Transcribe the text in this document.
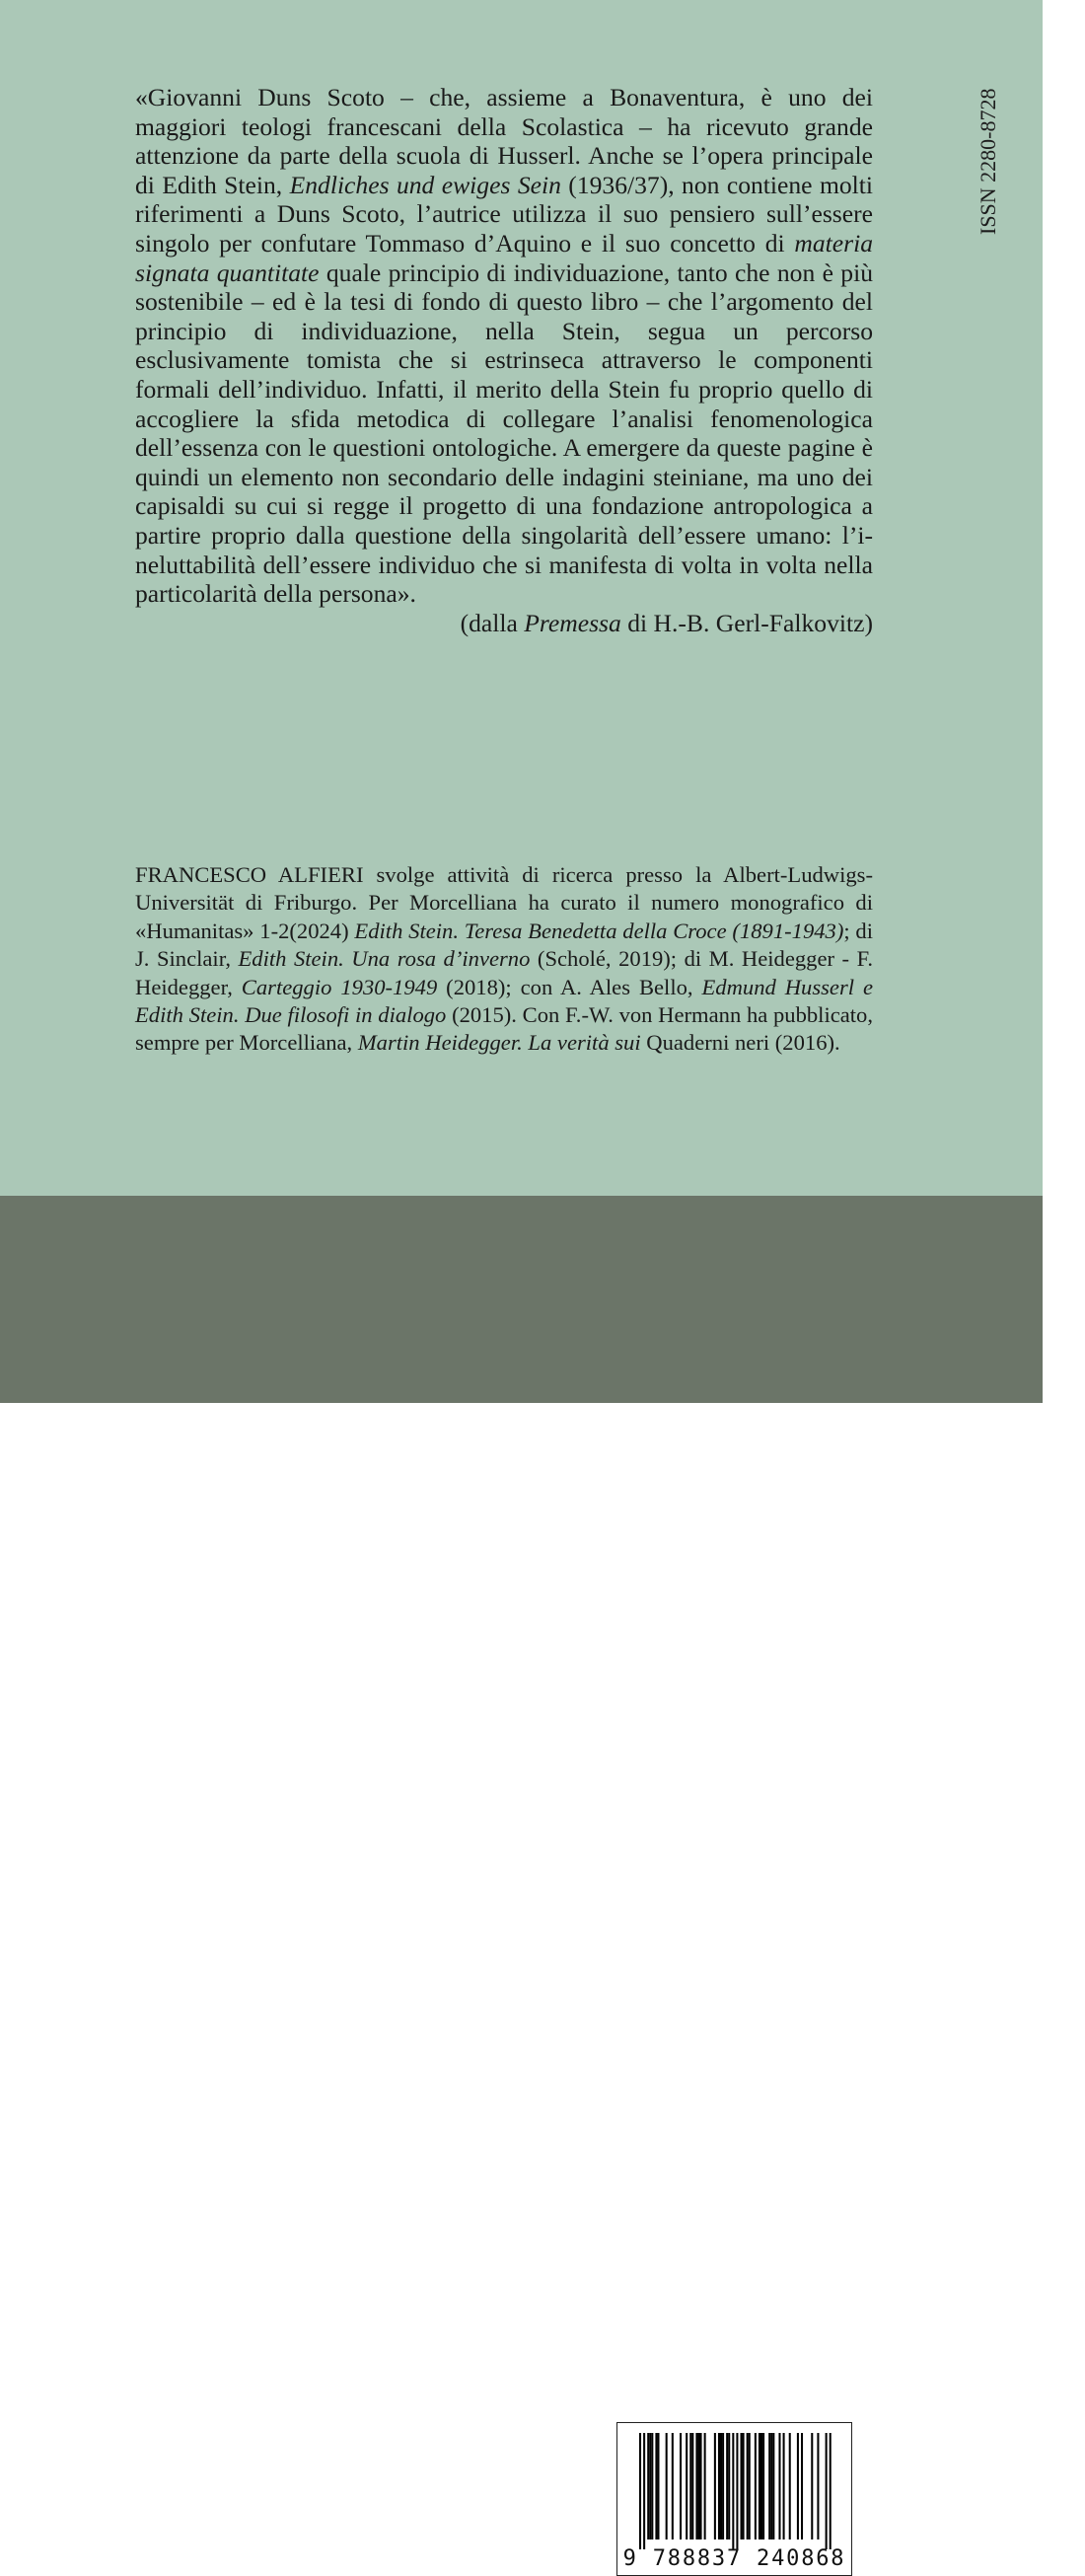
ISSN 2280-8728

«Giovanni Duns Scoto – che, assieme a Bonaventura, è uno dei maggiori teologi francescani della Scolastica – ha ricevuto grande attenzione da parte della scuola di Husserl. Anche se l’opera principale di Edith Stein, Endliches und ewiges Sein (1936/37), non contiene molti riferimenti a Duns Scoto, l’autrice utilizza il suo pensiero sull’essere singolo per confutare Tommaso d’Aquino e il suo concetto di materia signata quantitate quale principio di individuazione, tanto che non è più sostenibile – ed è la tesi di fondo di questo libro – che l’argomento del principio di individuazione, nella Stein, segua un percorso esclusivamente tomista che si estrinseca attraverso le componenti formali dell’individuo. Infatti, il merito della Stein fu proprio quello di accogliere la sfida metodica di collegare l’analisi fenomenologica dell’essenza con le questioni ontologiche. A emergere da queste pagine è quindi un elemento non secondario delle indagini steiniane, ma uno dei capisaldi su cui si regge il progetto di una fondazione antropologica a partire proprio dalla questione della singolarità dell’essere umano: l’ineluttabilità dell’essere individuo che si manifesta di volta in volta nella particolarità della persona».

(dalla Premessa di H.-B. Gerl-Falkovitz)

FRANCESCO ALFIERI svolge attività di ricerca presso la Albert-Ludwigs-Universität di Friburgo. Per Morcelliana ha curato il numero monografico di «Humanitas» 1-2(2024) Edith Stein. Teresa Benedetta della Croce (1891-1943); di J. Sinclair, Edith Stein. Una rosa d’inverno (Scholé, 2019); di M. Heidegger - F. Heidegger, Carteggio 1930-1949 (2018); con A. Ales Bello, Edmund Husserl e Edith Stein. Due filosofi in dialogo (2015). Con F.-W. von Hermann ha pubblicato, sempre per Morcelliana, Martin Heidegger. La verità sui Quaderni neri (2016).

€ 25,00
9 788837 240868
